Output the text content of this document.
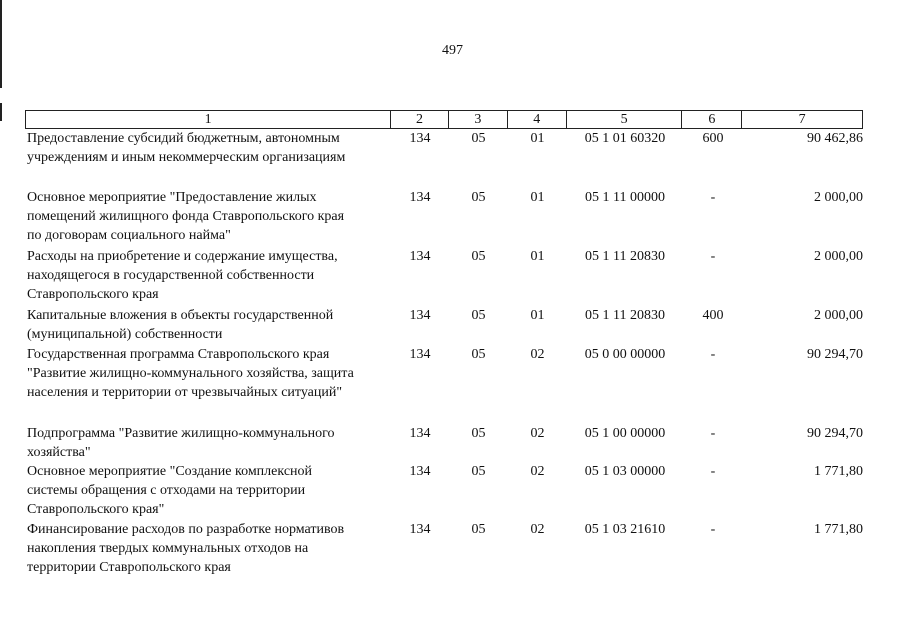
497
1	2	3	4	5	6	7
Предоставление субсидий бюджетным, автономным
учреждениям и иным некоммерческим организациям
134	05	01	05 1 01 60320	600	90 462,86
Основное мероприятие "Предоставление жилых
помещений жилищного фонда Ставропольского края
по договорам социального найма"
134	05	01	05 1 11 00000	-	2 000,00
Расходы на приобретение и содержание имущества,
находящегося в государственной собственности
Ставропольского края
134	05	01	05 1 11 20830	-	2 000,00
Капитальные вложения в объекты государственной
(муниципальной) собственности
134	05	01	05 1 11 20830	400	2 000,00
Государственная программа Ставропольского края
"Развитие жилищно-коммунального хозяйства, защита
населения и территории от чрезвычайных ситуаций"
134	05	02	05 0 00 00000	-	90 294,70
Подпрограмма "Развитие жилищно-коммунального
хозяйства"
134	05	02	05 1 00 00000	-	90 294,70
Основное мероприятие "Создание комплексной
системы обращения с отходами на территории
Ставропольского края"
134	05	02	05 1 03 00000	-	1 771,80
Финансирование расходов по разработке нормативов
накопления твердых коммунальных отходов на
территории Ставропольского края
134	05	02	05 1 03 21610	-	1 771,80
